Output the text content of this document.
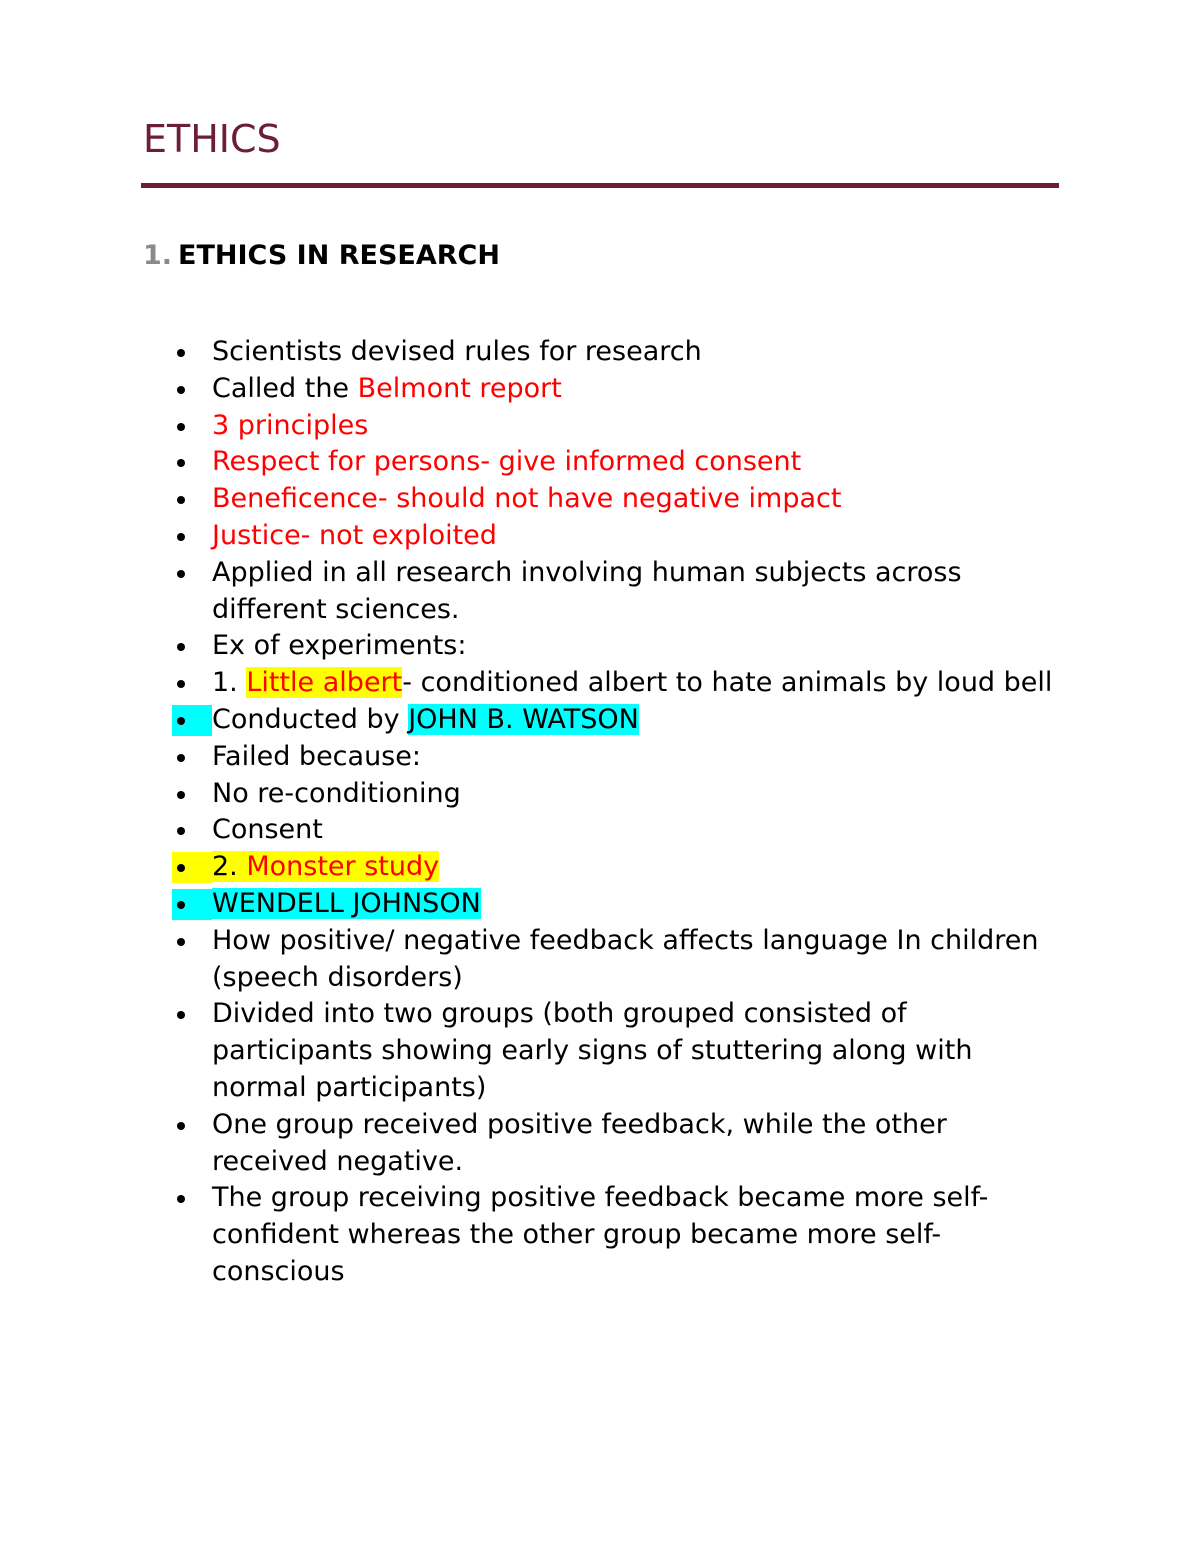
ETHICS
1. ETHICS IN RESEARCH
Scientists devised rules for research
Called the Belmont report
3 principles
Respect for persons- give informed consent
Beneficence- should not have negative impact
Justice- not exploited
Applied in all research involving human subjects across different sciences.
Ex of experiments:
1. Little albert- conditioned albert to hate animals by loud bell
Conducted by JOHN B. WATSON
Failed because:
No re-conditioning
Consent
2. Monster study
WENDELL JOHNSON
How positive/ negative feedback affects language In children (speech disorders)
Divided into two groups (both grouped consisted of participants showing early signs of stuttering along with normal participants)
One group received positive feedback, while the other received negative.
The group receiving positive feedback became more self-confident whereas the other group became more self-conscious
